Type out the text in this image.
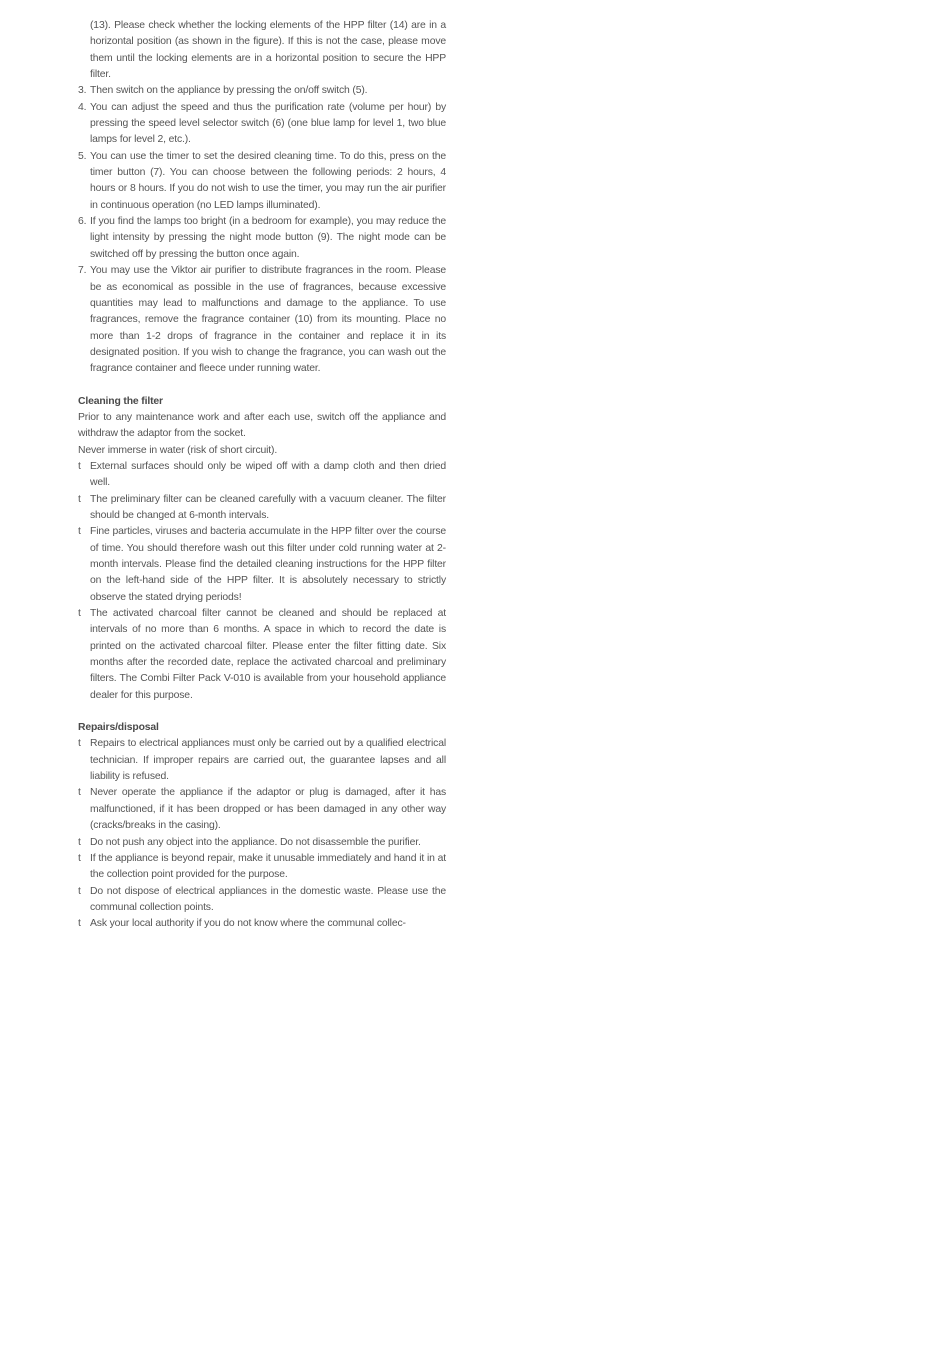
(13). Please check whether the locking elements of the HPP filter (14) are in a horizontal position (as shown in the figure). If this is not the case, please move them until the locking elements are in a horizontal position to secure the HPP filter.

3. Then switch on the appliance by pressing the on/off switch (5).

4. You can adjust the speed and thus the purification rate (volume per hour) by pressing the speed level selector switch (6) (one blue lamp for level 1, two blue lamps for level 2, etc.).

5. You can use the timer to set the desired cleaning time. To do this, press on the timer button (7). You can choose between the following periods: 2 hours, 4 hours or 8 hours. If you do not wish to use the timer, you may run the air purifier in continuous operation (no LED lamps illuminated).

6. If you find the lamps too bright (in a bedroom for example), you may reduce the light intensity by pressing the night mode button (9). The night mode can be switched off by pressing the button once again.

7. You may use the Viktor air purifier to distribute fragrances in the room. Please be as economical as possible in the use of fragrances, because excessive quantities may lead to malfunctions and damage to the appliance. To use fragrances, remove the fragrance container (10) from its mounting. Place no more than 1-2 drops of fragrance in the container and replace it in its designated position. If you wish to change the fragrance, you can wash out the fragrance container and fleece under running water.

Cleaning the filter

Prior to any maintenance work and after each use, switch off the appliance and withdraw the adaptor from the socket.

Never immerse in water (risk of short circuit).

t External surfaces should only be wiped off with a damp cloth and then dried well.

t The preliminary filter can be cleaned carefully with a vacuum cleaner. The filter should be changed at 6-month intervals.

t Fine particles, viruses and bacteria accumulate in the HPP filter over the course of time. You should therefore wash out this filter under cold running water at 2-month intervals. Please find the detailed cleaning instructions for the HPP filter on the left-hand side of the HPP filter. It is absolutely necessary to strictly observe the stated drying periods!

t The activated charcoal filter cannot be cleaned and should be replaced at intervals of no more than 6 months. A space in which to record the date is printed on the activated charcoal filter. Please enter the filter fitting date. Six months after the recorded date, replace the activated charcoal and preliminary filters. The Combi Filter Pack V-010 is available from your household appliance dealer for this purpose.

Repairs/disposal

t Repairs to electrical appliances must only be carried out by a qualified electrical technician. If improper repairs are carried out, the guarantee lapses and all liability is refused.

t Never operate the appliance if the adaptor or plug is damaged, after it has malfunctioned, if it has been dropped or has been damaged in any other way (cracks/breaks in the casing).

t Do not push any object into the appliance. Do not disassemble the purifier.

t If the appliance is beyond repair, make it unusable immediately and hand it in at the collection point provided for the purpose.

t Do not dispose of electrical appliances in the domestic waste. Please use the communal collection points.

t Ask your local authority if you do not know where the communal collec-
